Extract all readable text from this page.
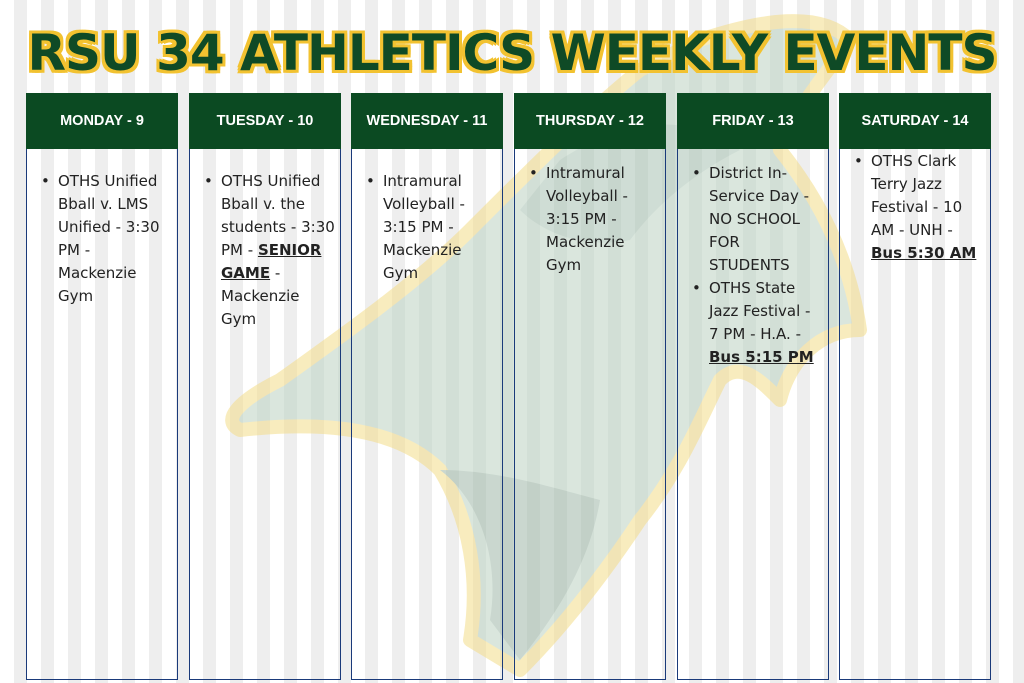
RSU 34 ATHLETICS WEEKLY EVENTS
MONDAY - 9
• OTHS Unified Bball v. LMS Unified - 3:30 PM - Mackenzie Gym
TUESDAY - 10
• OTHS Unified Bball v. the students - 3:30 PM - SENIOR GAME - Mackenzie Gym
WEDNESDAY - 11
• Intramural Volleyball - 3:15 PM - Mackenzie Gym
THURSDAY - 12
• Intramural Volleyball - 3:15 PM - Mackenzie Gym
FRIDAY - 13
• District In-Service Day - NO SCHOOL FOR STUDENTS
• OTHS State Jazz Festival - 7 PM - H.A. - Bus 5:15 PM
SATURDAY - 14
• OTHS Clark Terry Jazz Festival - 10 AM - UNH - Bus 5:30 AM
